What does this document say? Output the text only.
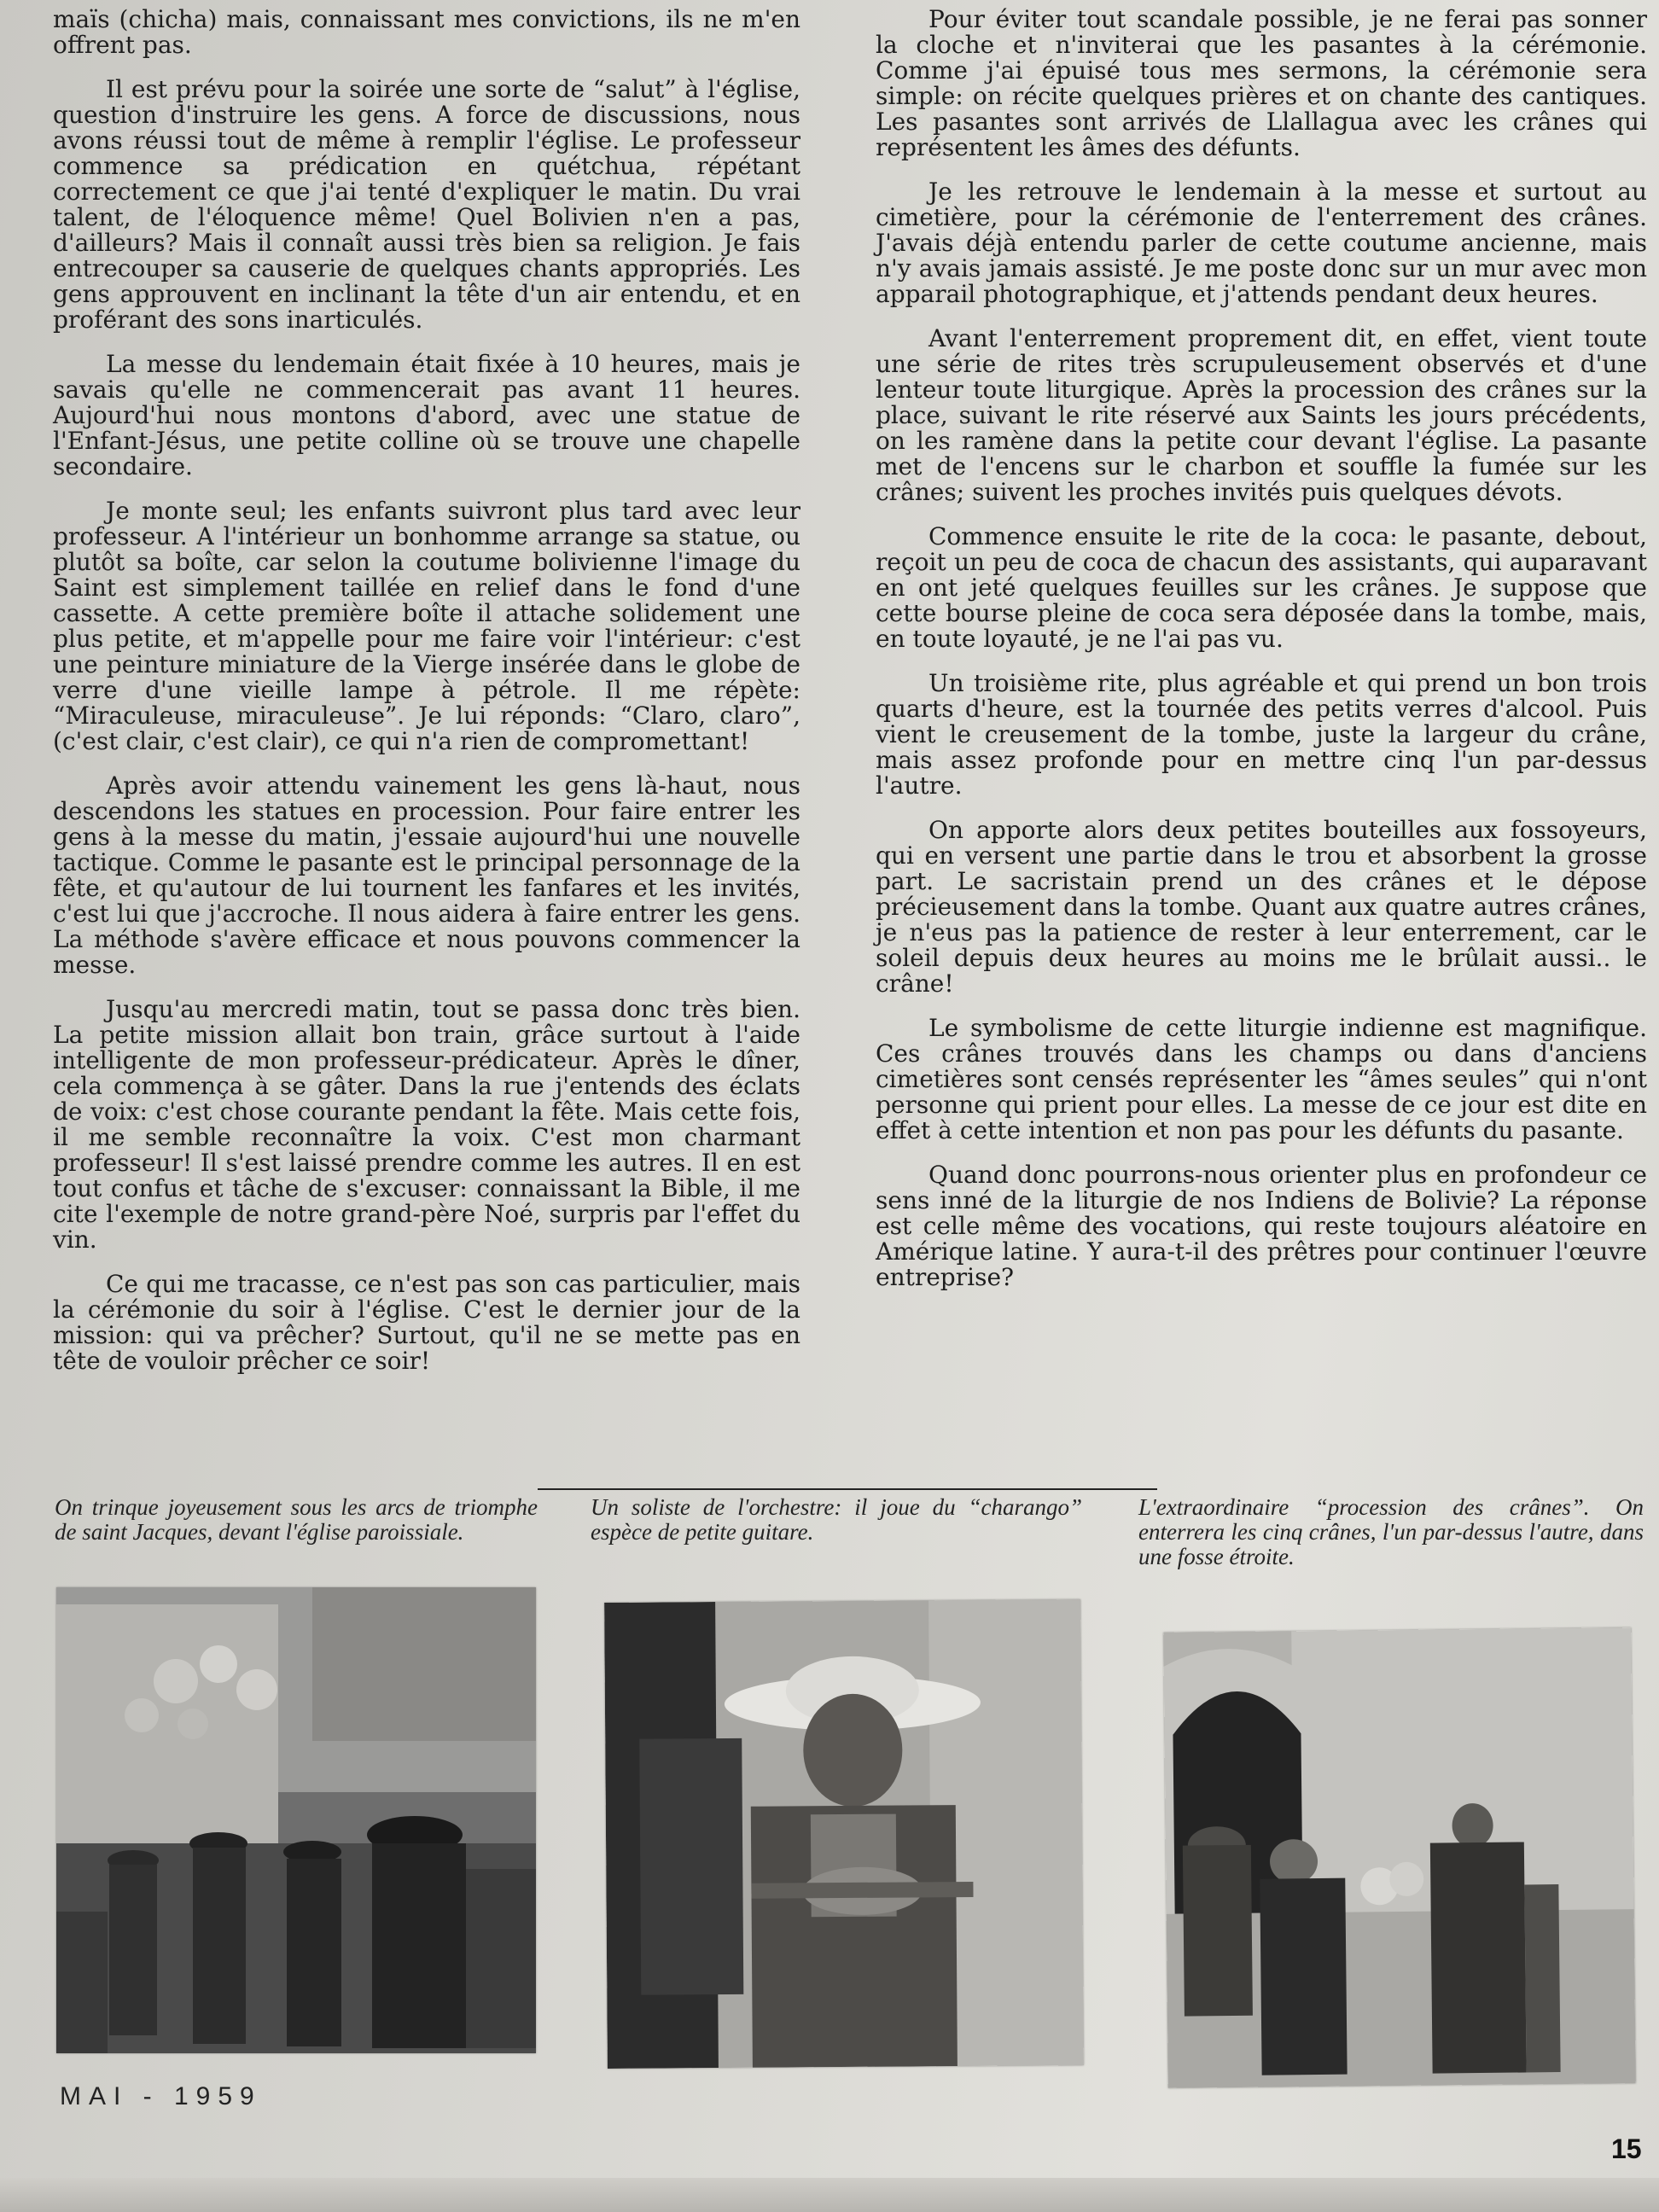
maïs (chicha) mais, connaissant mes convictions, ils ne m'en offrent pas.

Il est prévu pour la soirée une sorte de “salut” à l'église, question d'instruire les gens. A force de discussions, nous avons réussi tout de même à remplir l'église. Le professeur commence sa prédication en quétchua, répétant correctement ce que j'ai tenté d'expliquer le matin. Du vrai talent, de l'éloquence même! Quel Bolivien n'en a pas, d'ailleurs? Mais il connaît aussi très bien sa religion. Je fais entrecouper sa causerie de quelques chants appropriés. Les gens approuvent en inclinant la tête d'un air entendu, et en proférant des sons inarticulés.

La messe du lendemain était fixée à 10 heures, mais je savais qu'elle ne commencerait pas avant 11 heures. Aujourd'hui nous montons d'abord, avec une statue de l'Enfant-Jésus, une petite colline où se trouve une chapelle secondaire.

Je monte seul; les enfants suivront plus tard avec leur professeur. A l'intérieur un bonhomme arrange sa statue, ou plutôt sa boîte, car selon la coutume bolivienne l'image du Saint est simplement taillée en relief dans le fond d'une cassette. A cette première boîte il attache solidement une plus petite, et m'appelle pour me faire voir l'intérieur: c'est une peinture miniature de la Vierge insérée dans le globe de verre d'une vieille lampe à pétrole. Il me répète: “Miraculeuse, miraculeuse”. Je lui réponds: “Claro, claro”, (c'est clair, c'est clair), ce qui n'a rien de compromettant!

Après avoir attendu vainement les gens là-haut, nous descendons les statues en procession. Pour faire entrer les gens à la messe du matin, j'essaie aujourd'hui une nouvelle tactique. Comme le pasante est le principal personnage de la fête, et qu'autour de lui tournent les fanfares et les invités, c'est lui que j'accroche. Il nous aidera à faire entrer les gens. La méthode s'avère efficace et nous pouvons commencer la messe.

Jusqu'au mercredi matin, tout se passa donc très bien. La petite mission allait bon train, grâce surtout à l'aide intelligente de mon professeur-prédicateur. Après le dîner, cela commença à se gâter. Dans la rue j'entends des éclats de voix: c'est chose courante pendant la fête. Mais cette fois, il me semble reconnaître la voix. C'est mon charmant professeur! Il s'est laissé prendre comme les autres. Il en est tout confus et tâche de s'excuser: connaissant la Bible, il me cite l'exemple de notre grand-père Noé, surpris par l'effet du vin.

Ce qui me tracasse, ce n'est pas son cas particulier, mais la cérémonie du soir à l'église. C'est le dernier jour de la mission: qui va prêcher? Surtout, qu'il ne se mette pas en tête de vouloir prêcher ce soir!

Pour éviter tout scandale possible, je ne ferai pas sonner la cloche et n'inviterai que les pasantes à la cérémonie. Comme j'ai épuisé tous mes sermons, la cérémonie sera simple: on récite quelques prières et on chante des cantiques. Les pasantes sont arrivés de Llallagua avec les crânes qui représentent les âmes des défunts.

Je les retrouve le lendemain à la messe et surtout au cimetière, pour la cérémonie de l'enterrement des crânes. J'avais déjà entendu parler de cette coutume ancienne, mais n'y avais jamais assisté. Je me poste donc sur un mur avec mon apparail photographique, et j'attends pendant deux heures.

Avant l'enterrement proprement dit, en effet, vient toute une série de rites très scrupuleusement observés et d'une lenteur toute liturgique. Après la procession des crânes sur la place, suivant le rite réservé aux Saints les jours précédents, on les ramène dans la petite cour devant l'église. La pasante met de l'encens sur le charbon et souffle la fumée sur les crânes; suivent les proches invités puis quelques dévots.

Commence ensuite le rite de la coca: le pasante, debout, reçoit un peu de coca de chacun des assistants, qui auparavant en ont jeté quelques feuilles sur les crânes. Je suppose que cette bourse pleine de coca sera déposée dans la tombe, mais, en toute loyauté, je ne l'ai pas vu.

Un troisième rite, plus agréable et qui prend un bon trois quarts d'heure, est la tournée des petits verres d'alcool. Puis vient le creusement de la tombe, juste la largeur du crâne, mais assez profonde pour en mettre cinq l'un par-dessus l'autre.

On apporte alors deux petites bouteilles aux fossoyeurs, qui en versent une partie dans le trou et absorbent la grosse part. Le sacristain prend un des crânes et le dépose précieusement dans la tombe. Quant aux quatre autres crânes, je n'eus pas la patience de rester à leur enterrement, car le soleil depuis deux heures au moins me le brûlait aussi.. le crâne!

Le symbolisme de cette liturgie indienne est magnifique. Ces crânes trouvés dans les champs ou dans d'anciens cimetières sont censés représenter les “âmes seules” qui n'ont personne qui prient pour elles. La messe de ce jour est dite en effet à cette intention et non pas pour les défunts du pasante.

Quand donc pourrons-nous orienter plus en profondeur ce sens inné de la liturgie de nos Indiens de Bolivie? La réponse est celle même des vocations, qui reste toujours aléatoire en Amérique latine. Y aura-t-il des prêtres pour continuer l'œuvre entreprise?

On trinque joyeusement sous les arcs de triomphe de saint Jacques, devant l'église paroissiale.
Un soliste de l'orchestre: il joue du “charango” espèce de petite guitare.
L'extraordinaire “procession des crânes”. On enterrera les cinq crânes, l'un par-dessus l'autre, dans une fosse étroite.
MAI - 1959
15
